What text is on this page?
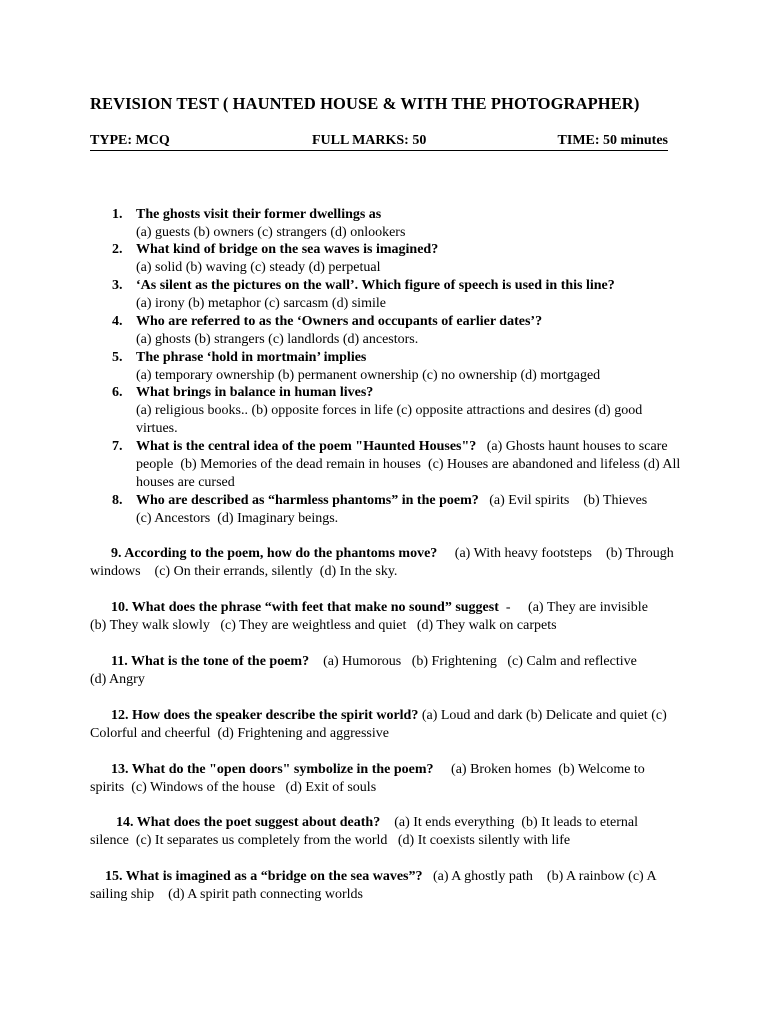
REVISION TEST ( HAUNTED HOUSE & WITH THE PHOTOGRAPHER)
TYPE: MCQ	FULL MARKS: 50	TIME: 50 minutes
1. The ghosts visit their former dwellings as
(a) guests (b) owners (c) strangers (d) onlookers
2. What kind of bridge on the sea waves is imagined?
(a) solid (b) waving (c) steady (d) perpetual
3. ‘As silent as the pictures on the wall’. Which figure of speech is used in this line?
(a) irony (b) metaphor (c) sarcasm (d) simile
4. Who are referred to as the ‘Owners and occupants of earlier dates’?
(a) ghosts (b) strangers (c) landlords (d) ancestors.
5. The phrase ‘hold in mortmain’ implies
(a) temporary ownership (b) permanent ownership (c) no ownership (d) mortgaged
6. What brings in balance in human lives?
(a) religious books.. (b) opposite forces in life (c) opposite attractions and desires (d) good virtues.
7. What is the central idea of the poem "Haunted Houses"?   (a) Ghosts haunt houses to scare people  (b) Memories of the dead remain in houses  (c) Houses are abandoned and lifeless (d) All houses are cursed
8. Who are described as “harmless phantoms” in the poem?   (a) Evil spirits    (b) Thieves    (c) Ancestors  (d) Imaginary beings.
9. According to the poem, how do the phantoms move?     (a) With heavy footsteps    (b) Through windows    (c) On their errands, silently  (d) In the sky.
10. What does the phrase “with feet that make no sound” suggest  -     (a) They are invisible    (b) They walk slowly   (c) They are weightless and quiet   (d) They walk on carpets
11. What is the tone of the poem?    (a) Humorous   (b) Frightening   (c) Calm and reflective (d) Angry
12. How does the speaker describe the spirit world? (a) Loud and dark (b) Delicate and quiet (c) Colorful and cheerful  (d) Frightening and aggressive
13. What do the "open doors" symbolize in the poem?     (a) Broken homes  (b) Welcome to spirits  (c) Windows of the house   (d) Exit of souls
14. What does the poet suggest about death?    (a) It ends everything  (b) It leads to eternal silence  (c) It separates us completely from the world   (d) It coexists silently with life
15. What is imagined as a “bridge on the sea waves”?   (a) A ghostly path    (b) A rainbow (c) A sailing ship    (d) A spirit path connecting worlds
